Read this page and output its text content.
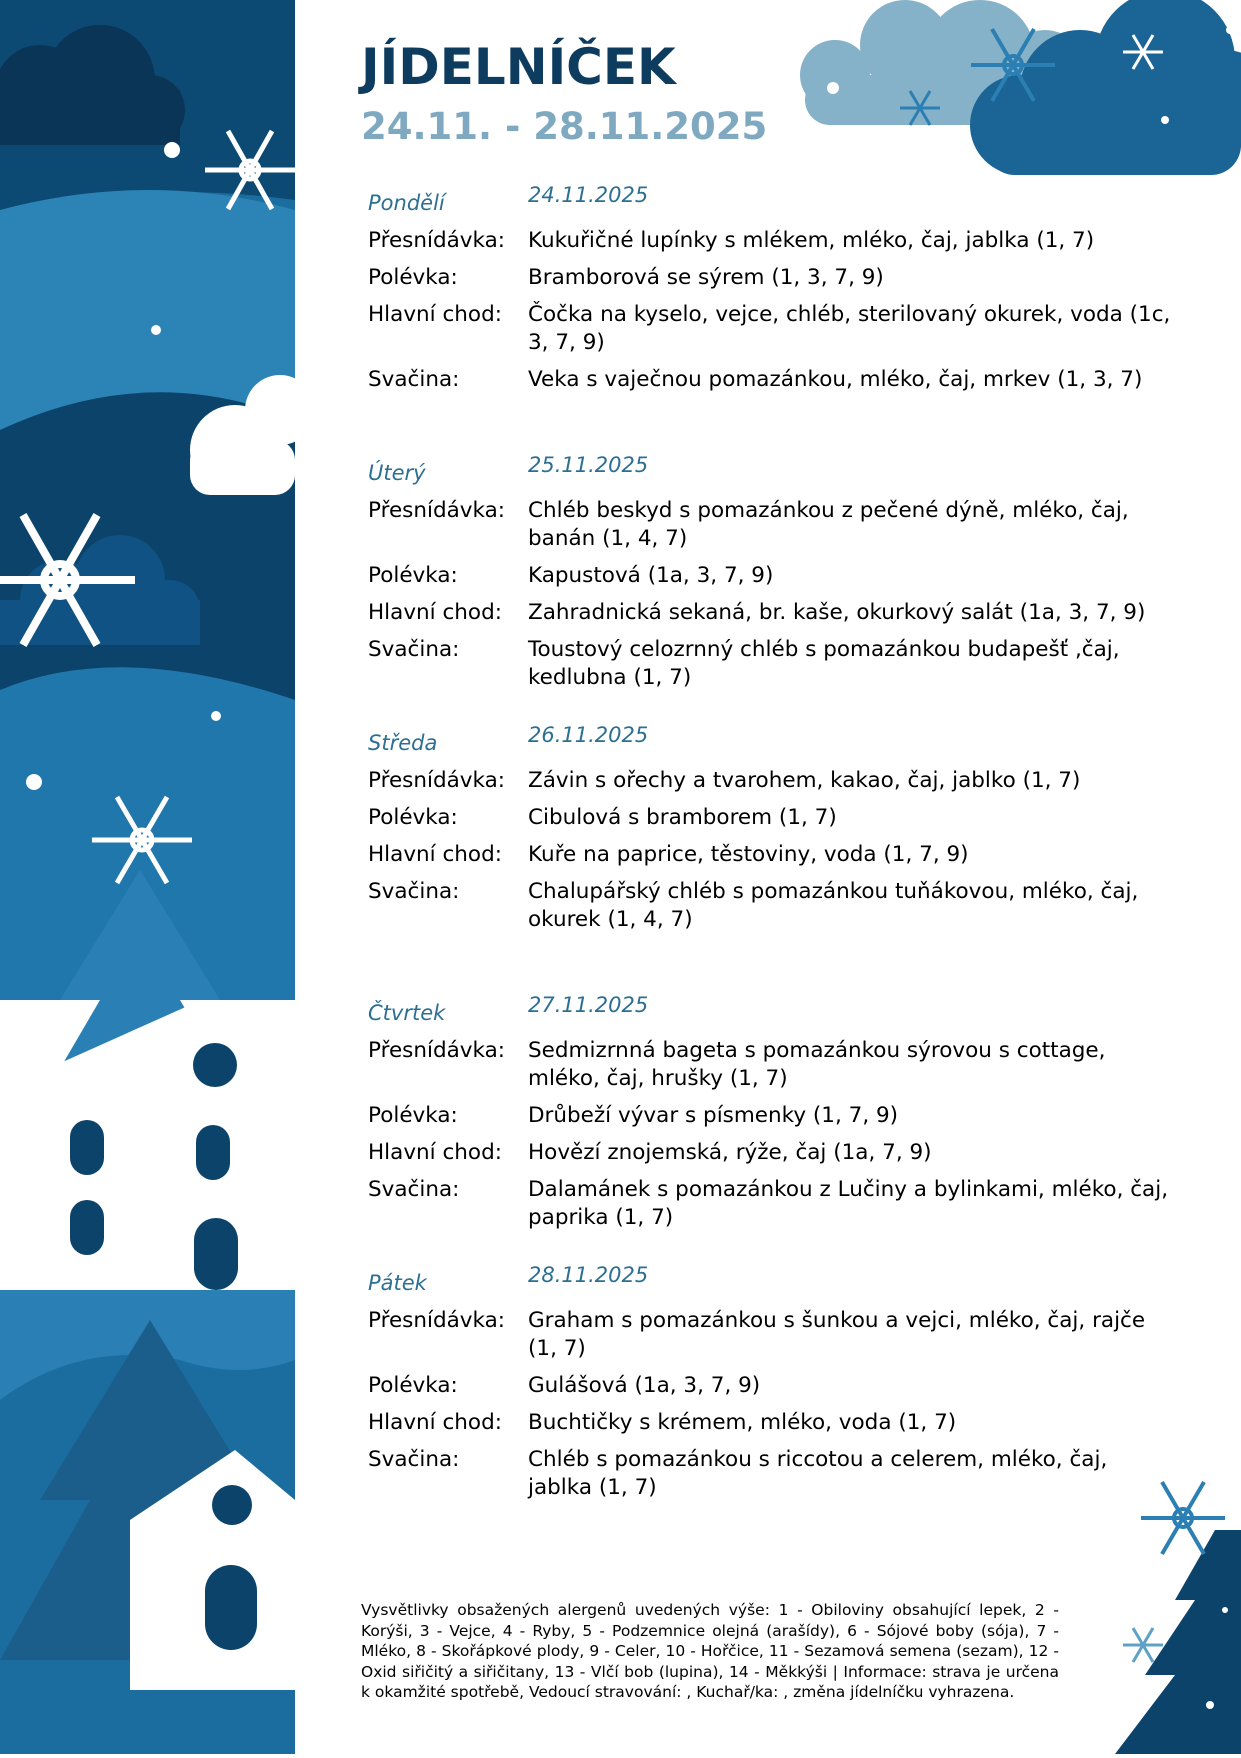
JÍDELNÍČEK
24.11. - 28.11.2025
Pondělí	24.11.2025
Přesnídávka:	Kukuřičné lupínky s mlékem, mléko, čaj, jablka (1, 7)
Polévka:	Bramborová se sýrem (1, 3, 7, 9)
Hlavní chod:	Čočka na kyselo, vejce, chléb, sterilovaný okurek, voda (1c, 3, 7, 9)
Svačina:	Veka s vaječnou pomazánkou, mléko, čaj, mrkev (1, 3, 7)
Úterý	25.11.2025
Přesnídávka:	Chléb beskyd s pomazánkou z pečené dýně, mléko, čaj, banán (1, 4, 7)
Polévka:	Kapustová (1a, 3, 7, 9)
Hlavní chod:	Zahradnická sekaná, br. kaše, okurkový salát (1a, 3, 7, 9)
Svačina:	Toustový celozrnný chléb s pomazánkou budapešť ,čaj, kedlubna (1, 7)
Středa	26.11.2025
Přesnídávka:	Závin s ořechy a tvarohem, kakao, čaj, jablko (1, 7)
Polévka:	Cibulová s bramborem (1, 7)
Hlavní chod:	Kuře na paprice, těstoviny, voda (1, 7, 9)
Svačina:	Chalupářský chléb s pomazánkou tuňákovou, mléko, čaj, okurek (1, 4, 7)
Čtvrtek	27.11.2025
Přesnídávka:	Sedmizrnná bageta s pomazánkou sýrovou s cottage, mléko, čaj, hrušky (1, 7)
Polévka:	Drůbeží vývar s písmenky (1, 7, 9)
Hlavní chod:	Hovězí znojemská, rýže, čaj (1a, 7, 9)
Svačina:	Dalamánek s pomazánkou z Lučiny a bylinkami, mléko, čaj, paprika (1, 7)
Pátek	28.11.2025
Přesnídávka:	Graham s pomazánkou s šunkou a vejci, mléko, čaj, rajče (1, 7)
Polévka:	Gulášová (1a, 3, 7, 9)
Hlavní chod:	Buchtičky s krémem, mléko, voda (1, 7)
Svačina:	Chléb s pomazánkou s riccotou a celerem, mléko, čaj, jablka (1, 7)

Vysvětlivky obsažených alergenů uvedených výše: 1 - Obiloviny obsahující lepek, 2 - Korýši, 3 - Vejce, 4 - Ryby, 5 - Podzemnice olejná (arašídy), 6 - Sójové boby (sója), 7 - Mléko, 8 - Skořápkové plody, 9 - Celer, 10 - Hořčice, 11 - Sezamová semena (sezam), 12 - Oxid siřičitý a siřičitany, 13 - Vlčí bob (lupina), 14 - Měkkýši | Informace: strava je určena k okamžité spotřebě, Vedoucí stravování: , Kuchař/ka: , změna jídelníčku vyhrazena.
